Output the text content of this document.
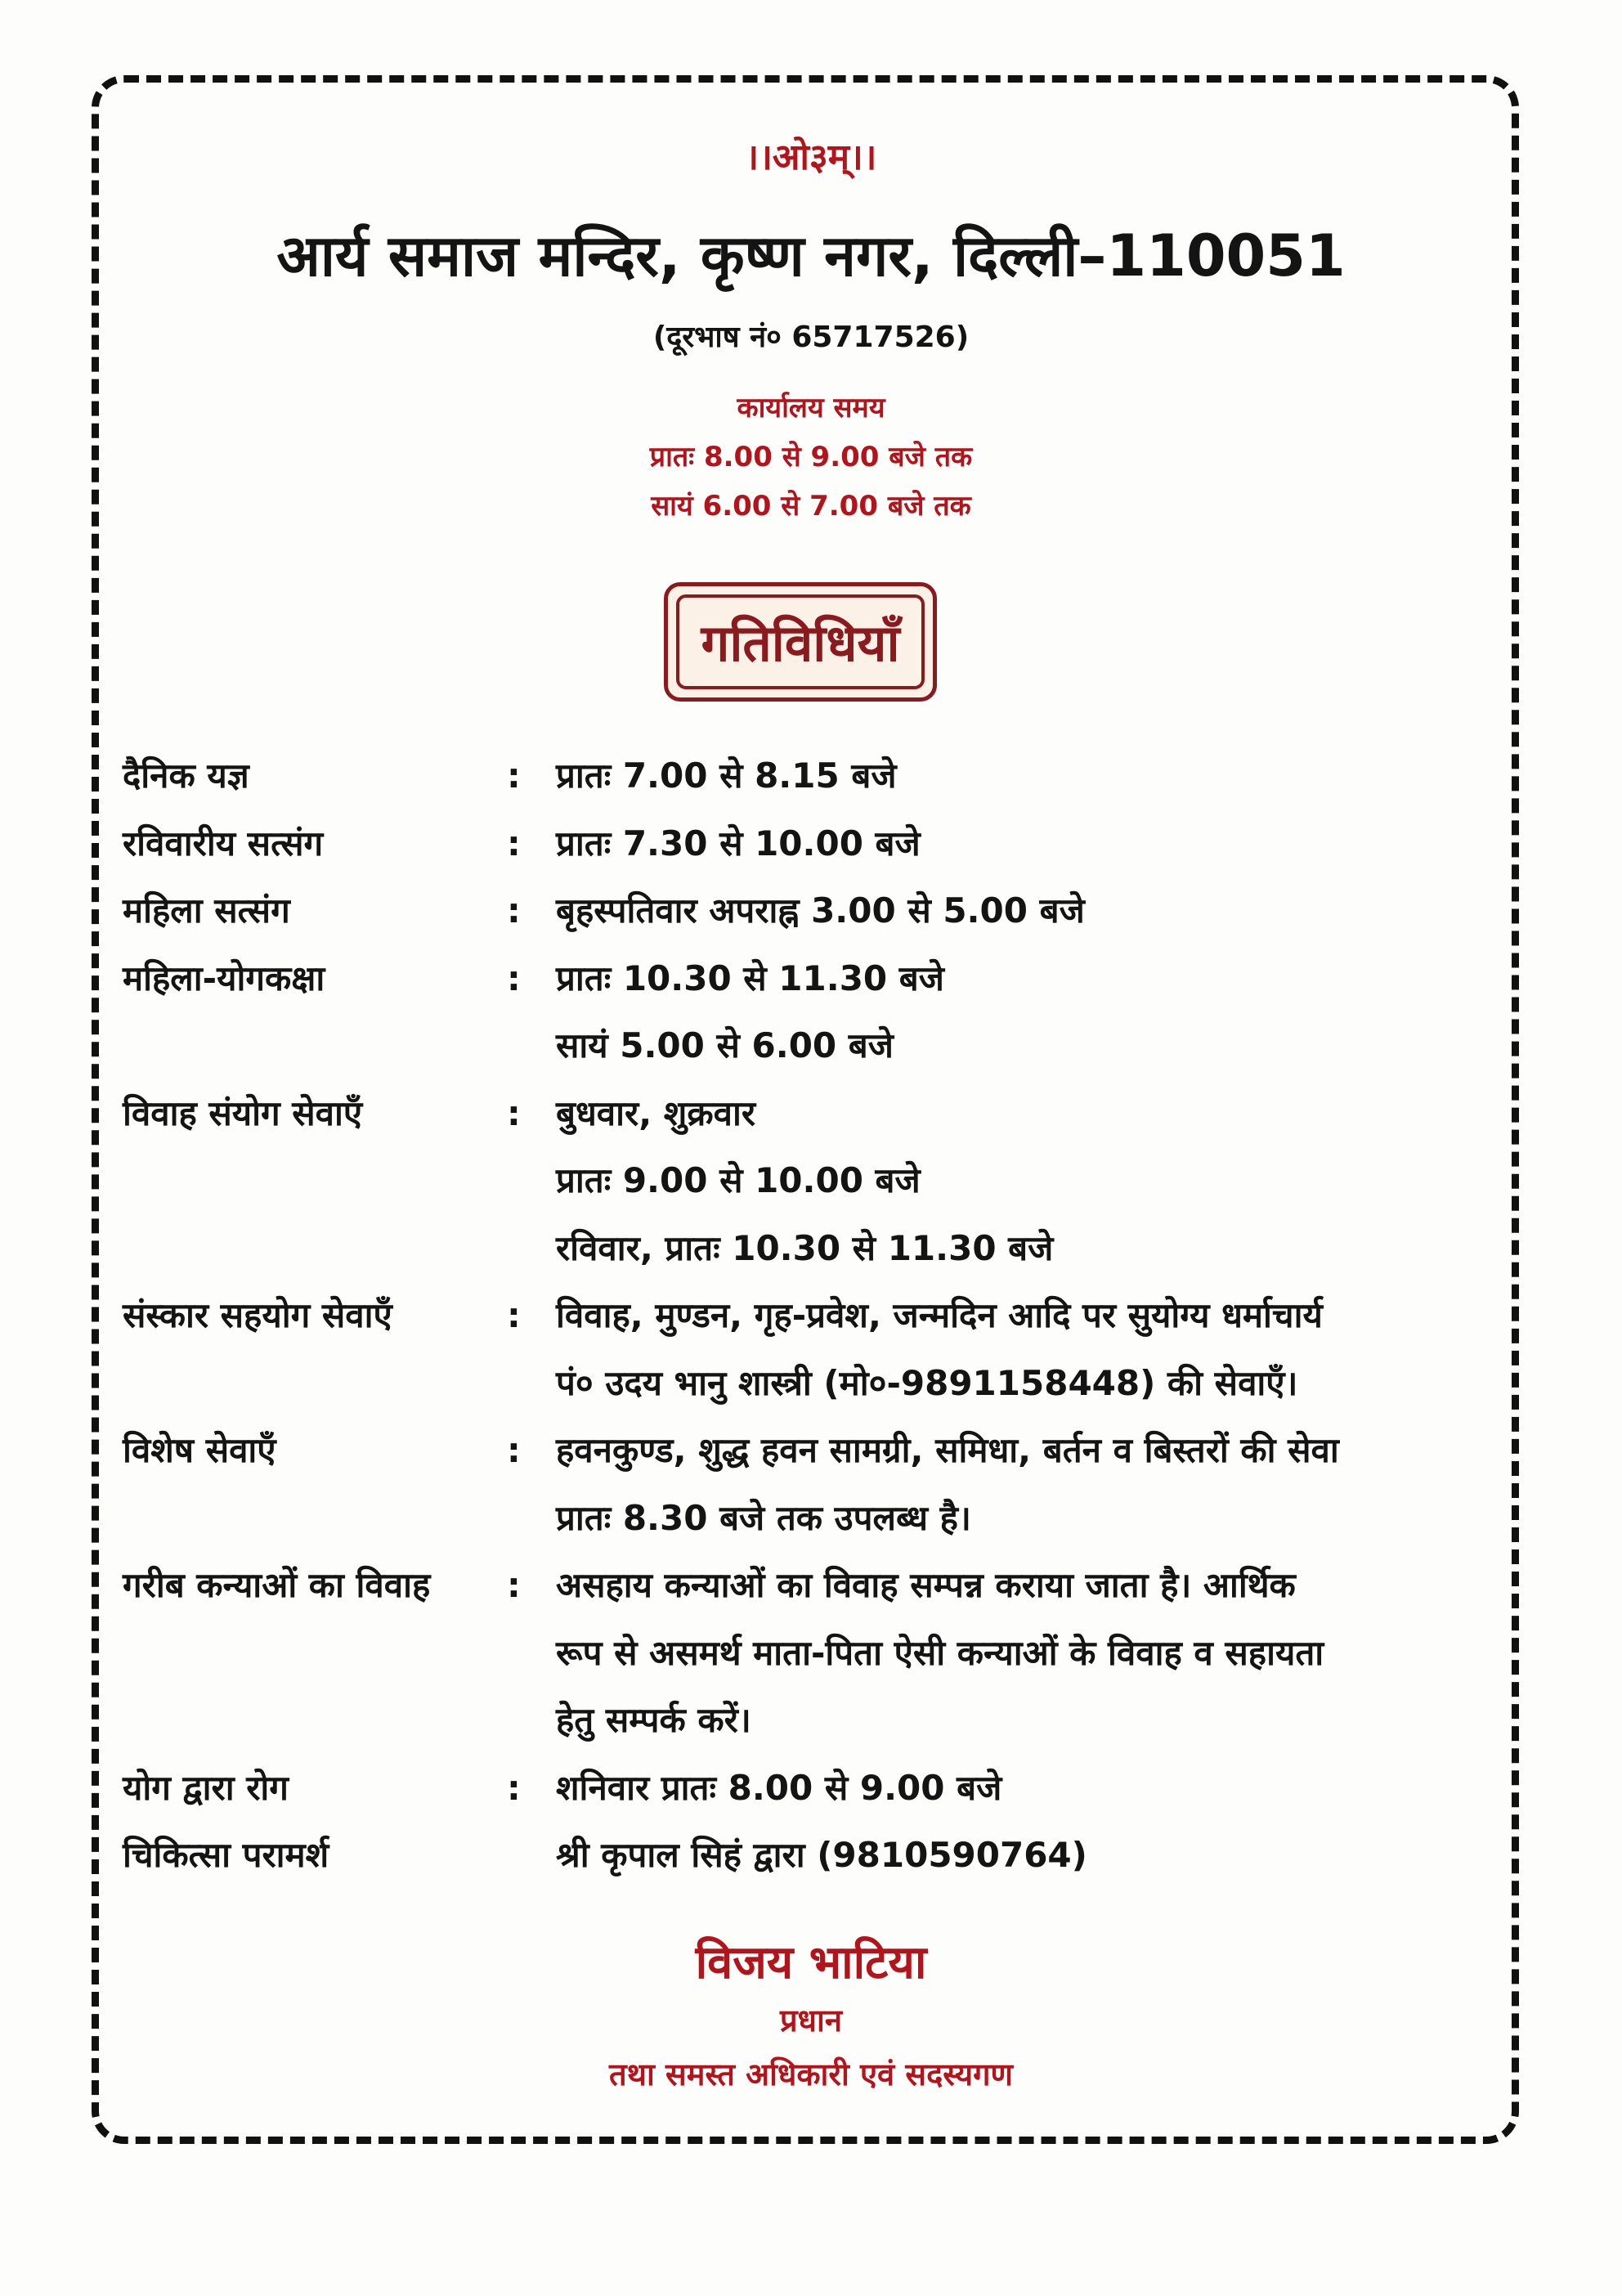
।।ओ३म्।।
आर्य समाज मन्दिर, कृष्ण नगर, दिल्ली–110051
(दूरभाष नं० 65717526)
कार्यालय समय
प्रातः 8.00 से 9.00 बजे तक
सायं 6.00 से 7.00 बजे तक
गतिविधियाँ
दैनिक यज्ञ	: प्रातः 7.00 से 8.15 बजे
रविवारीय सत्संग	: प्रातः 7.30 से 10.00 बजे
महिला सत्संग	: बृहस्पतिवार अपराह्न 3.00 से 5.00 बजे
महिला-योगकक्षा	: प्रातः 10.30 से 11.30 बजे
सायं 5.00 से 6.00 बजे
विवाह संयोग सेवाएँ	: बुधवार, शुक्रवार
प्रातः 9.00 से 10.00 बजे
रविवार, प्रातः 10.30 से 11.30 बजे
संस्कार सहयोग सेवाएँ	: विवाह, मुण्डन, गृह-प्रवेश, जन्मदिन आदि पर सुयोग्य धर्माचार्य
पं० उदय भानु शास्त्री (मो०-9891158448) की सेवाएँ।
विशेष सेवाएँ	: हवनकुण्ड, शुद्ध हवन सामग्री, समिधा, बर्तन व बिस्तरों की सेवा
प्रातः 8.30 बजे तक उपलब्ध है।
गरीब कन्याओं का विवाह : असहाय कन्याओं का विवाह सम्पन्न कराया जाता है। आर्थिक
रूप से असमर्थ माता-पिता ऐसी कन्याओं के विवाह व सहायता
हेतु सम्पर्क करें।
योग द्वारा रोग	: शनिवार प्रातः 8.00 से 9.00 बजे
चिकित्सा परामर्श	श्री कृपाल सिहं द्वारा (9810590764)
विजय भाटिया
प्रधान
तथा समस्त अधिकारी एवं सदस्यगण
